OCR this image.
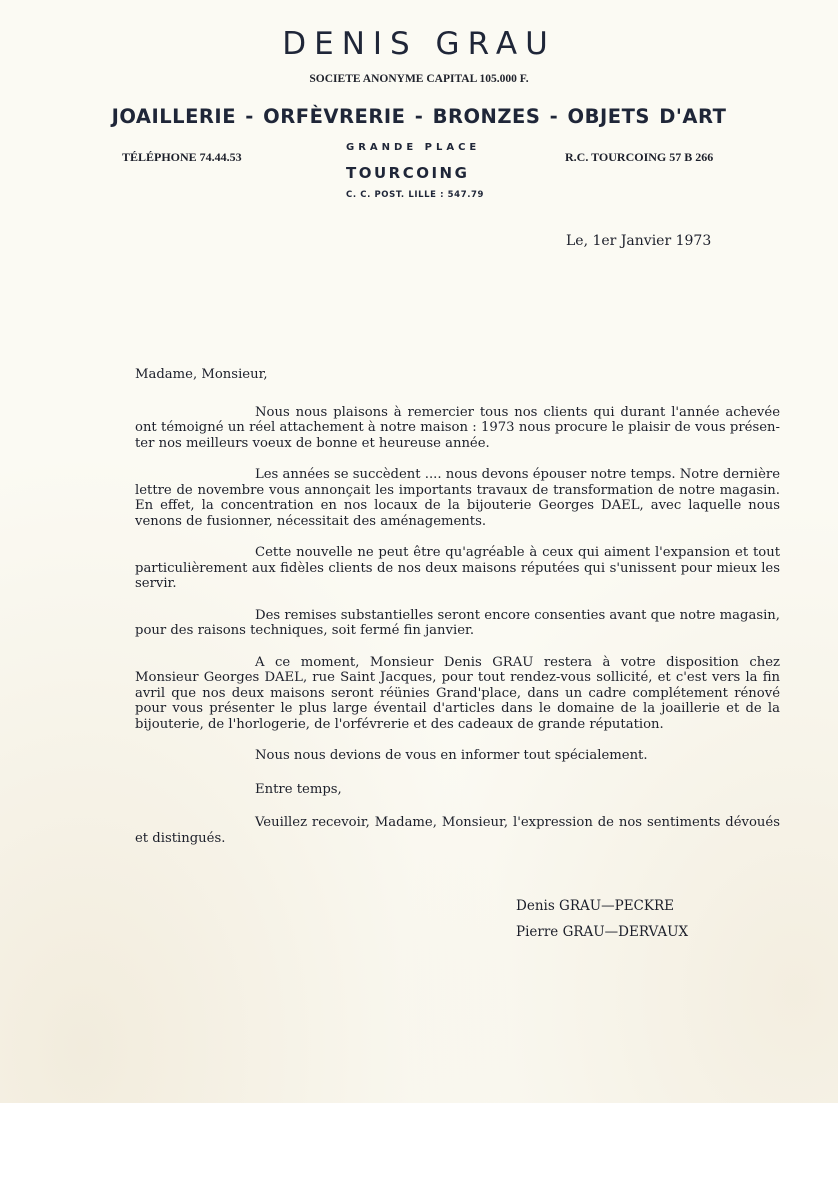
DENIS GRAU
SOCIETE ANONYME CAPITAL 105.000 F.
JOAILLERIE - ORFÈVRERIE - BRONZES - OBJETS D'ART
TÉLÉPHONE 74.44.53
GRANDE PLACE
TOURCOING
C. C. POST. LILLE : 547.79
R.C. TOURCOING 57 B 266
Le, 1er Janvier 1973

Madame, Monsieur,

Nous nous plaisons à remercier tous nos clients qui durant l'année achevée ont témoigné un réel attachement à notre maison : 1973 nous procure le plaisir de vous présen-ter nos meilleurs voeux de bonne et heureuse année.

Les années se succèdent .... nous devons épouser notre temps. Notre dernière lettre de novembre vous annonçait les importants travaux de transformation de notre magasin. En effet, la concentration en nos locaux de la bijouterie Georges DAEL, avec laquelle nous venons de fusionner, nécessitait des aménagements.

Cette nouvelle ne peut être qu'agréable à ceux qui aiment l'expansion et tout particulièrement aux fidèles clients de nos deux maisons réputées qui s'unissent pour mieux les servir.

Des remises substantielles seront encore consenties avant que notre magasin, pour des raisons techniques, soit fermé fin janvier.

A ce moment, Monsieur Denis GRAU restera à votre disposition chez Monsieur Georges DAEL, rue Saint Jacques, pour tout rendez-vous sollicité, et c'est vers la fin avril que nos deux maisons seront réünies Grand'place, dans un cadre complétement rénové pour vous présenter le plus large éventail d'articles dans le domaine de la joaillerie et de la bijouterie, de l'horlogerie, de l'orfévrerie et des cadeaux de grande réputation.

Nous nous devions de vous en informer tout spécialement.

Entre temps,

Veuillez recevoir, Madame, Monsieur, l'expression de nos sentiments dévoués et distingués.

Denis GRAU—PECKRE
Pierre GRAU—DERVAUX
